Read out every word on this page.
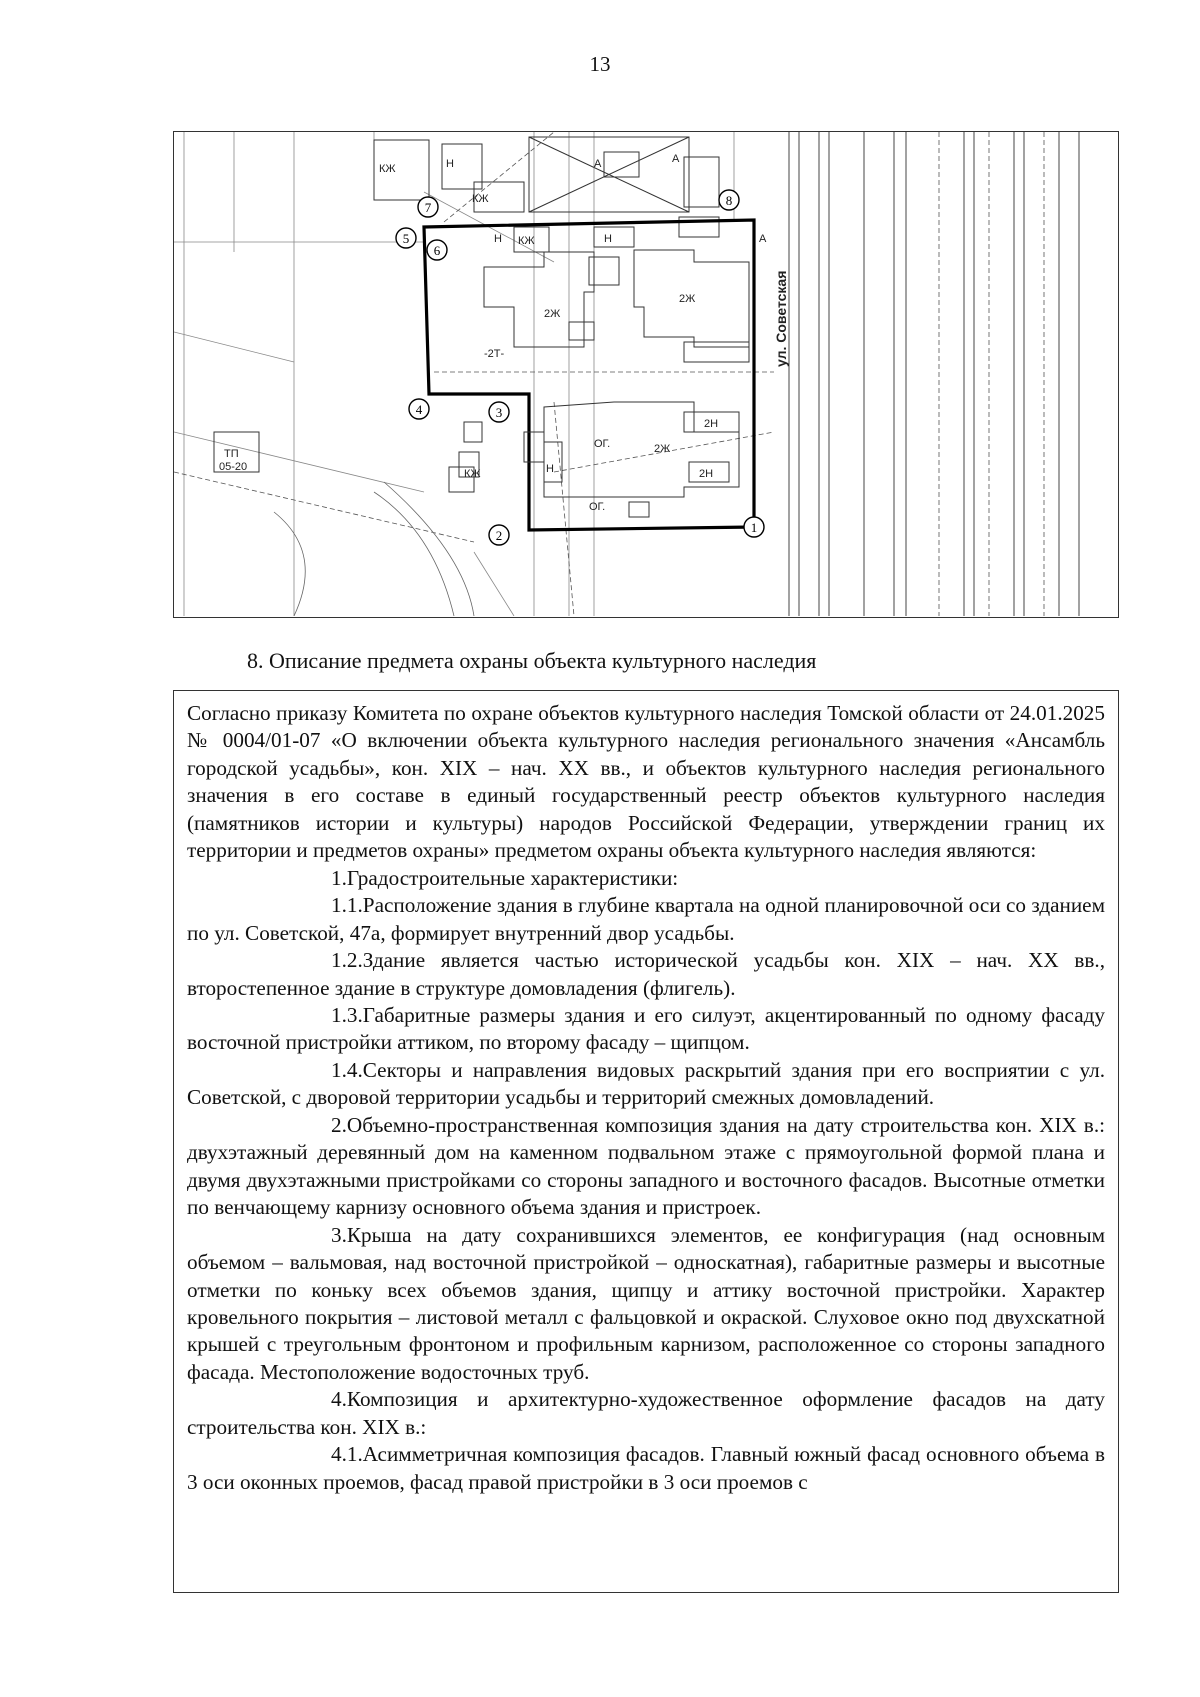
13
КЖ
КЖ
А	А
Н
КЖ	Н
2Ж
2Ж
2Ж
2Н
2Н
ОГ.
ОГ.
Н	А
ТП
05-20
КЖ	Н
-2Т-	ул. Советская
1
2
3
4
5
6
7	8
8. Описание предмета охраны объекта культурного наследия

Согласно приказу Комитета по охране объектов культурного наследия Томской области от 24.01.2025 № 0004/01-07 «О включении объекта культурного наследия регионального значения «Ансамбль городской усадьбы», кон. XIX – нач. XX вв., и объектов культурного наследия регионального значения в его составе в единый государственный реестр объектов культурного наследия (памятников истории и культуры) народов Российской Федерации, утверждении границ их территории и предметов охраны» предметом охраны объекта культурного наследия являются:

1.Градостроительные характеристики:

1.1.Расположение здания в глубине квартала на одной планировочной оси со зданием по ул. Советской, 47а, формирует внутренний двор усадьбы.

1.2.Здание является частью исторической усадьбы кон. XIX – нач. XX вв., второстепенное здание в структуре домовладения (флигель).

1.3.Габаритные размеры здания и его силуэт, акцентированный по одному фасаду восточной пристройки аттиком, по второму фасаду – щипцом.

1.4.Секторы и направления видовых раскрытий здания при его восприятии с ул. Советской, с дворовой территории усадьбы и территорий смежных домовладений.

2.Объемно-пространственная композиция здания на дату строительства кон. XIX в.: двухэтажный деревянный дом на каменном подвальном этаже с прямоугольной формой плана и двумя двухэтажными пристройками со стороны западного и восточного фасадов. Высотные отметки по венчающему карнизу основного объема здания и пристроек.

3.Крыша на дату сохранившихся элементов, ее конфигурация (над основным объемом – вальмовая, над восточной пристройкой – односкатная), габаритные размеры и высотные отметки по коньку всех объемов здания, щипцу и аттику восточной пристройки. Характер кровельного покрытия – листовой металл с фальцовкой и окраской. Слуховое окно под двухскатной крышей с треугольным фронтоном и профильным карнизом, расположенное со стороны западного фасада. Местоположение водосточных труб.

4.Композиция и архитектурно-художественное оформление фасадов на дату строительства кон. XIX в.:

4.1.Асимметричная композиция фасадов. Главный южный фасад основного объема в 3 оси оконных проемов, фасад правой пристройки в 3 оси проемов с
